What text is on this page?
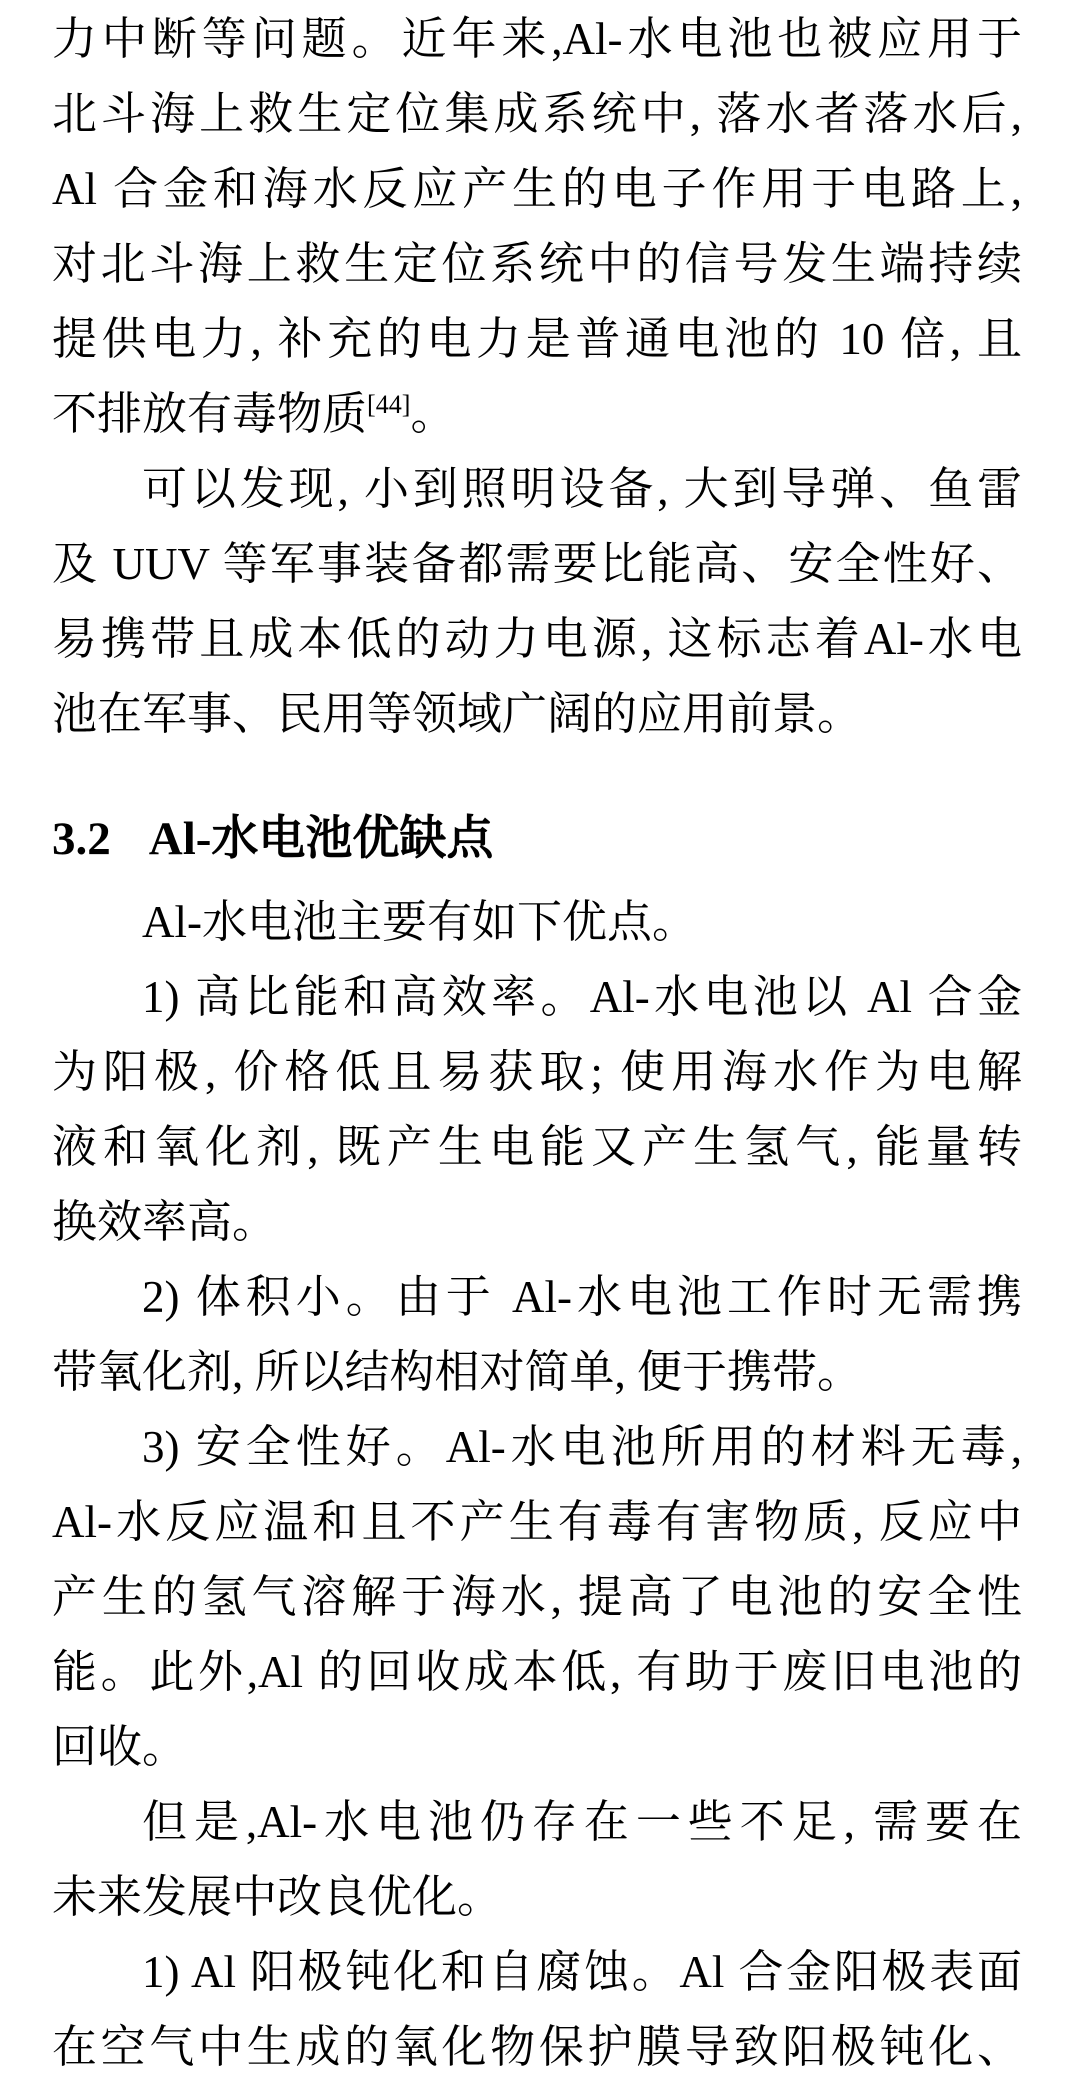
力中断等问题。近年来,Al-水电池也被应用于
北斗海上救生定位集成系统中, 落水者落水后,
Al 合金和海水反应产生的电子作用于电路上,
对北斗海上救生定位系统中的信号发生端持续
提供电力, 补充的电力是普通电池的 10 倍, 且
不排放有毒物质[44]。
可以发现, 小到照明设备, 大到导弹、鱼雷
及 UUV 等军事装备都需要比能高、安全性好、
易携带且成本低的动力电源, 这标志着Al-水电
池在军事、民用等领域广阔的应用前景。
3.2 Al-水电池优缺点
Al-水电池主要有如下优点。
1) 高比能和高效率。Al-水电池以 Al 合金
为阳极, 价格低且易获取; 使用海水作为电解
液和氧化剂, 既产生电能又产生氢气, 能量转
换效率高。
2) 体积小。由于 Al-水电池工作时无需携
带氧化剂, 所以结构相对简单, 便于携带。
3) 安全性好。Al-水电池所用的材料无毒,
Al-水反应温和且不产生有毒有害物质, 反应中
产生的氢气溶解于海水, 提高了电池的安全性
能。此外,Al 的回收成本低, 有助于废旧电池的
回收。
但是,Al-水电池仍存在一些不足, 需要在
未来发展中改良优化。
1) Al 阳极钝化和自腐蚀。Al 合金阳极表面
在空气中生成的氧化物保护膜导致阳极钝化、
